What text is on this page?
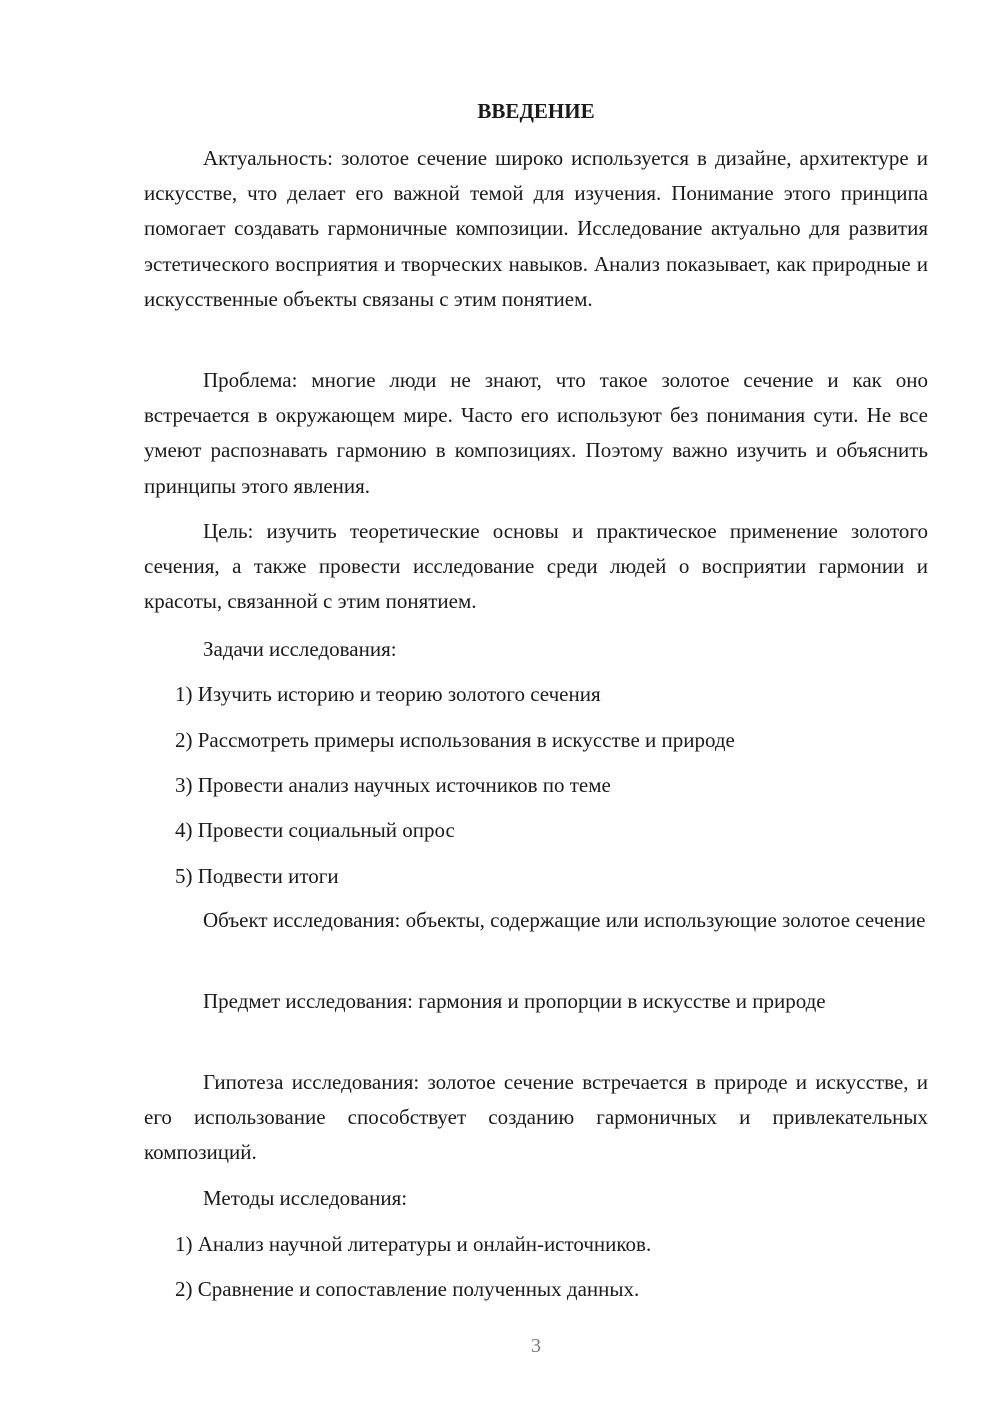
ВВЕДЕНИЕ
Актуальность: золотое сечение широко используется в дизайне, архитектуре и искусстве, что делает его важной темой для изучения. Понимание этого принципа помогает создавать гармоничные композиции. Исследование актуально для развития эстетического восприятия и творческих навыков. Анализ показывает, как природные и искусственные объекты связаны с этим понятием.
Проблема: многие люди не знают, что такое золотое сечение и как оно встречается в окружающем мире. Часто его используют без понимания сути. Не все умеют распознавать гармонию в композициях. Поэтому важно изучить и объяснить принципы этого явления.
Цель: изучить теоретические основы и практическое применение золотого сечения, а также провести исследование среди людей о восприятии гармонии и красоты, связанной с этим понятием.
Задачи исследования:
1) Изучить историю и теорию золотого сечения
2) Рассмотреть примеры использования в искусстве и природе
3) Провести анализ научных источников по теме
4) Провести социальный опрос
5) Подвести итоги
Объект исследования: объекты, содержащие или использующие золотое сечение
Предмет исследования: гармония и пропорции в искусстве и природе
Гипотеза исследования: золотое сечение встречается в природе и искусстве, и его использование способствует созданию гармоничных и привлекательных композиций.
Методы исследования:
1) Анализ научной литературы и онлайн-источников.
2) Сравнение и сопоставление полученных данных.
3
